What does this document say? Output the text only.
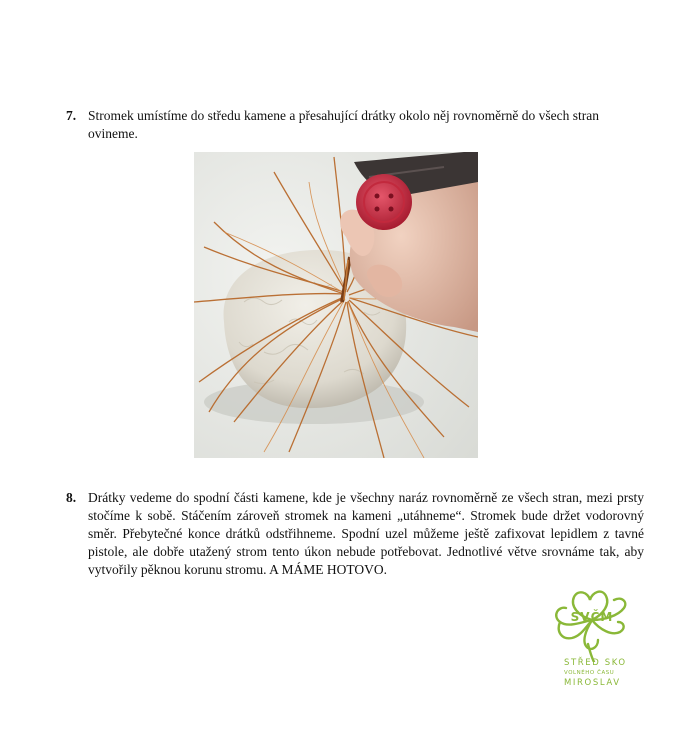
7. Stromek umístíme do středu kamene a přesahující drátky okolo něj rovnoměrně do všech stran ovineme.
8. Drátky vedeme do spodní části kamene, kde je všechny naráz rovnoměrně ze všech stran, mezi prsty stočíme k sobě. Stáčením zároveň stromek na kameni „utáhneme“. Stromek bude držet vodorovný směr. Přebytečné konce drátků odstřihneme. Spodní uzel můžeme ještě zafixovat lepidlem z tavné pistole, ale dobře utažený strom tento úkon nebude potřebovat. Jednotlivé větve srovnáme tak, aby vytvořily pěknou korunu stromu. A MÁME HOTOVO.
SVČM
STŘED SKO
VOLNÉHO ČASU
MIROSLAV
